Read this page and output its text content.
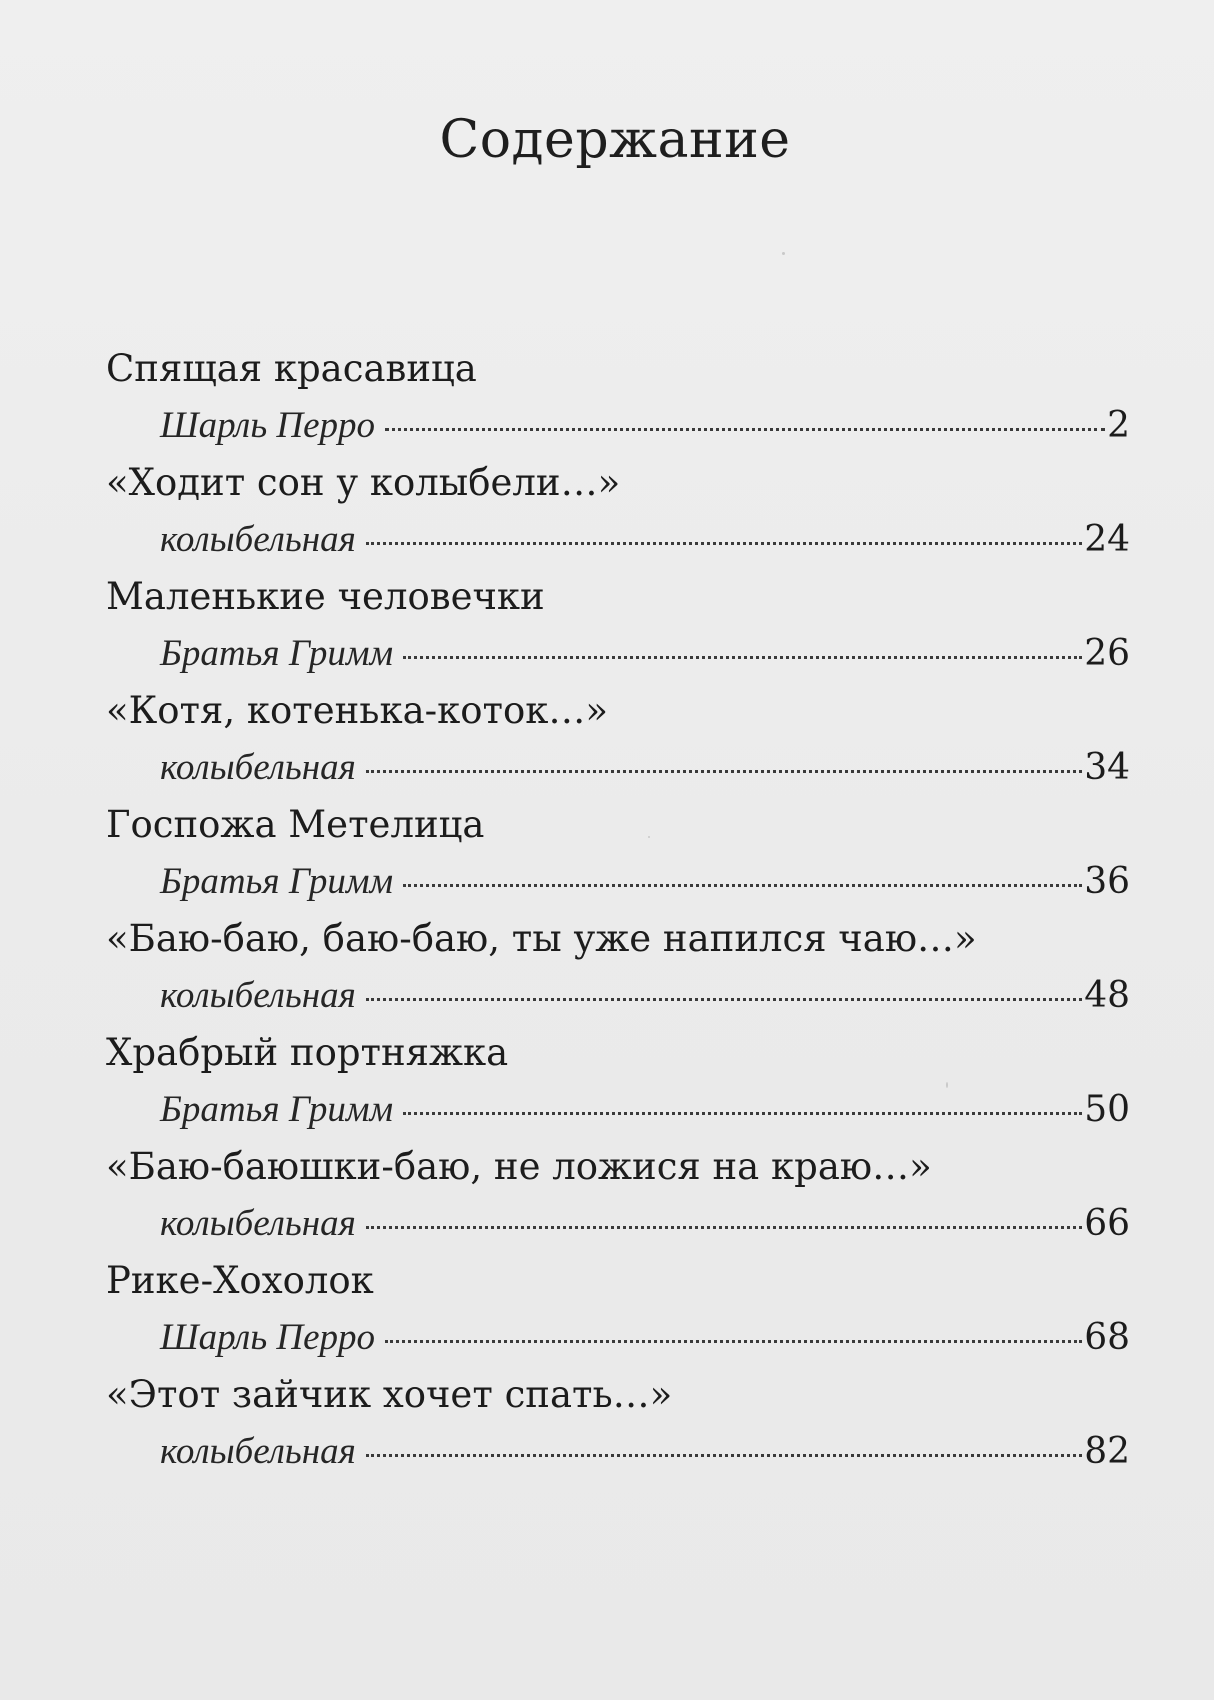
Содержание
Спящая красавица
Шарль Перро	2
«Ходит сон у колыбели…»
колыбельная	24
Маленькие человечки
Братья Гримм	26
«Котя, котенька-коток…»
колыбельная	34
Госпожа Метелица
Братья Гримм	36
«Баю-баю, баю-баю, ты уже напился чаю…»
колыбельная	48
Храбрый портняжка
Братья Гримм	50
«Баю-баюшки-баю, не ложися на краю…»
колыбельная	66
Рике-Хохолок
Шарль Перро	68
«Этот зайчик хочет спать…»
колыбельная	82
